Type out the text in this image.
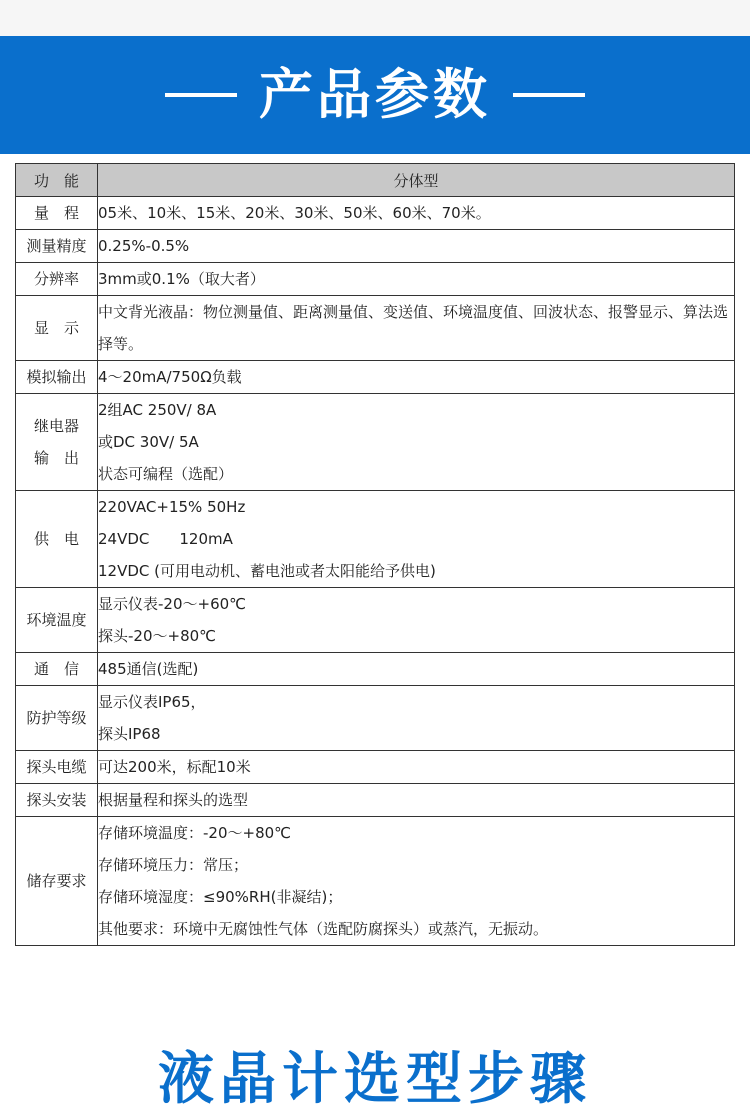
产品参数
功　能	分体型

量　程	05米、10米、15米、20米、30米、50米、60米、70米。

测量精度	0.25%-0.5%

分辨率	3mm或0.1%（取大者）

显　示	中文背光液晶：物位测量值、距离测量值、变送值、环境温度值、回波状态、报警显示、算法选择等。

模拟输出	4～20mA/750Ω负载

继电器
输　出	2组AC 250V/ 8A
或DC 30V/ 5A
状态可编程（选配）

供　电	220VAC+15% 50Hz
24VDC　　120mA
12VDC (可用电动机、蓄电池或者太阳能给予供电)

环境温度	显示仪表-20～+60℃
探头-20～+80℃

通　信	485通信(选配)

防护等级	显示仪表IP65，
探头IP68

探头电缆	可达200米，标配10米

探头安装	根据量程和探头的选型

储存要求	存储环境温度：-20～+80℃
存储环境压力：常压；
存储环境湿度：≤90%RH(非凝结)；
其他要求：环境中无腐蚀性气体（选配防腐探头）或蒸汽，无振动。
液晶计选型步骤
